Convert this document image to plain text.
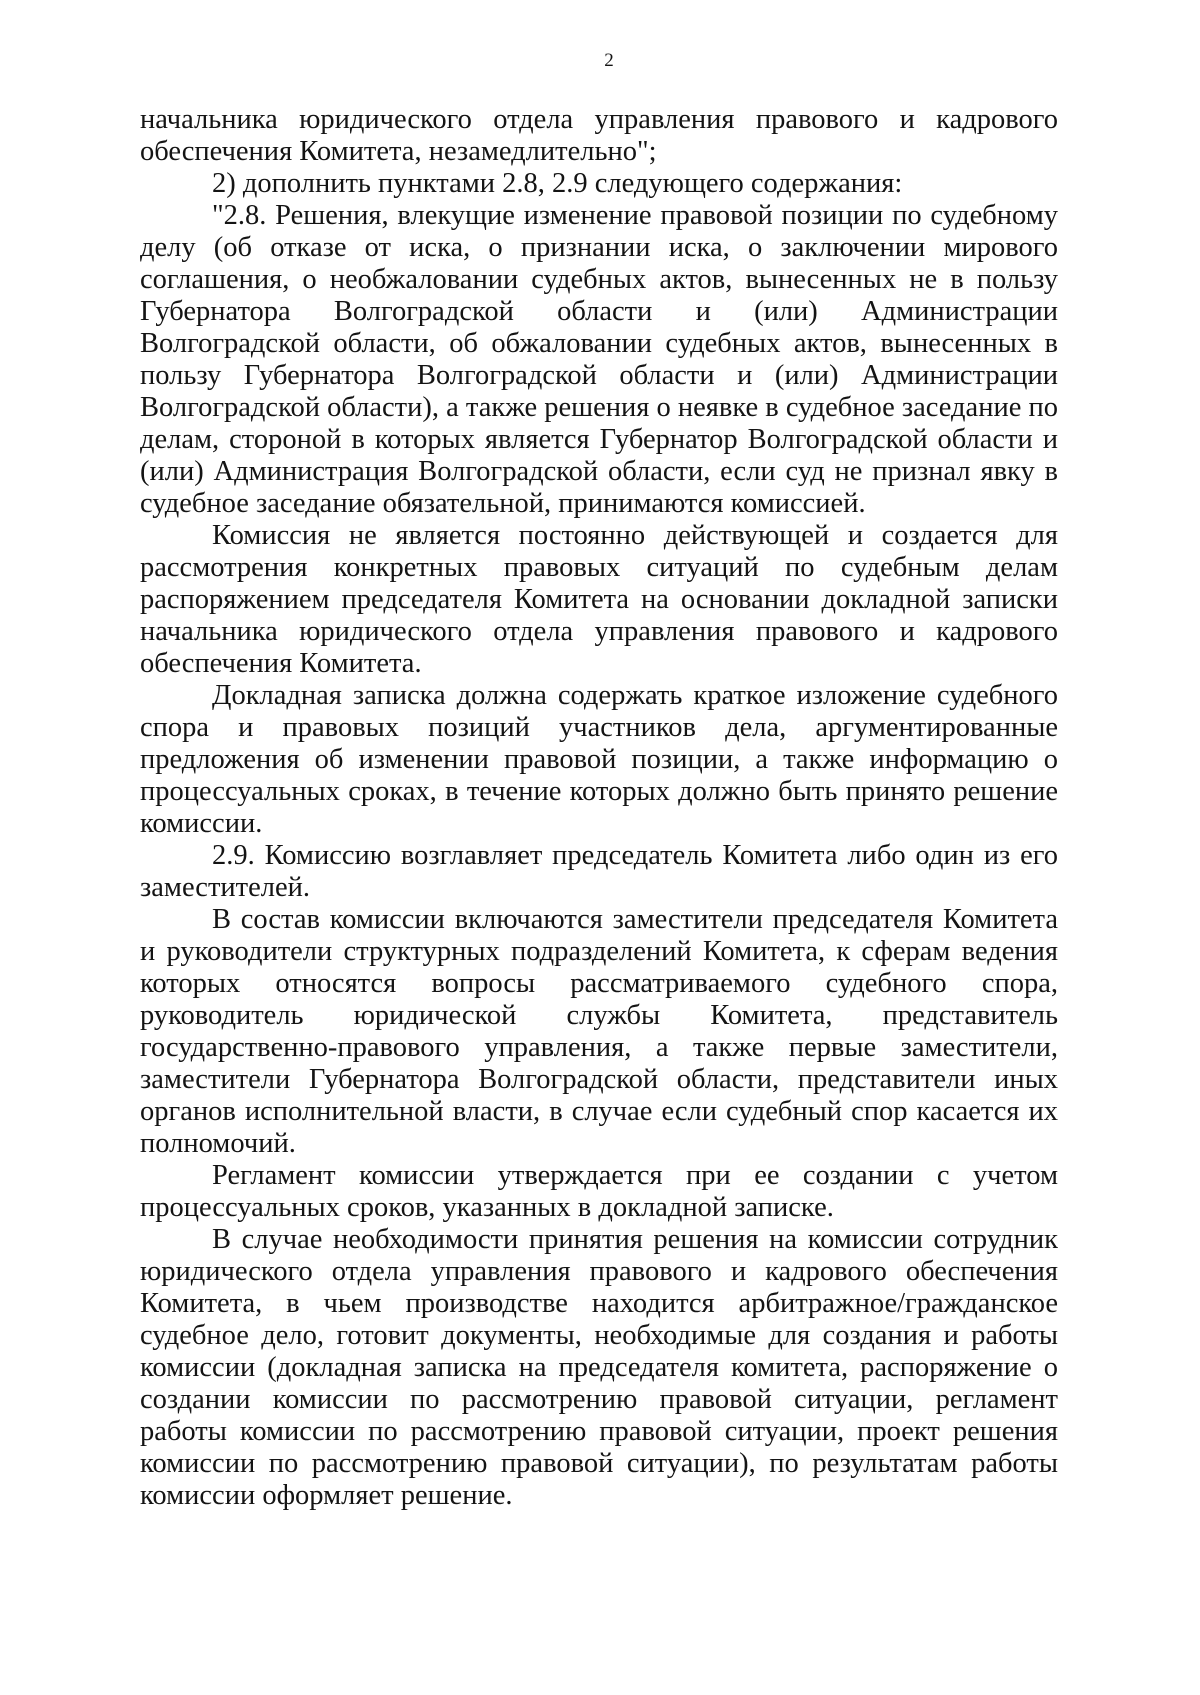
2

начальника юридического отдела управления правового и кадрового обеспечения Комитета, незамедлительно";

2) дополнить пунктами 2.8, 2.9 следующего содержания:

"2.8. Решения, влекущие изменение правовой позиции по судебному делу (об отказе от иска, о признании иска, о заключении мирового соглашения, о необжаловании судебных актов, вынесенных не в пользу Губернатора Волгоградской области и (или) Администрации Волгоградской области, об обжаловании судебных актов, вынесенных в пользу Губернатора Волгоградской области и (или) Администрации Волгоградской области), а также решения о неявке в судебное заседание по делам, стороной в которых является Губернатор Волгоградской области и (или) Администрация Волгоградской области, если суд не признал явку в судебное заседание обязательной, принимаются комиссией.

Комиссия не является постоянно действующей и создается для рассмотрения конкретных правовых ситуаций по судебным делам распоряжением председателя Комитета на основании докладной записки начальника юридического отдела управления правового и кадрового обеспечения Комитета.

Докладная записка должна содержать краткое изложение судебного спора и правовых позиций участников дела, аргументированные предложения об изменении правовой позиции, а также информацию о процессуальных сроках, в течение которых должно быть принято решение комиссии.

2.9. Комиссию возглавляет председатель Комитета либо один из его заместителей.

В состав комиссии включаются заместители председателя Комитета и руководители структурных подразделений Комитета, к сферам ведения которых относятся вопросы рассматриваемого судебного спора, руководитель юридической службы Комитета, представитель государственно-правового управления, а также первые заместители, заместители Губернатора Волгоградской области, представители иных органов исполнительной власти, в случае если судебный спор касается их полномочий.

Регламент комиссии утверждается при ее создании с учетом процессуальных сроков, указанных в докладной записке.

В случае необходимости принятия решения на комиссии сотрудник юридического отдела управления правового и кадрового обеспечения Комитета, в чьем производстве находится арбитражное/гражданское судебное дело, готовит документы, необходимые для создания и работы комиссии (докладная записка на председателя комитета, распоряжение о создании комиссии по рассмотрению правовой ситуации, регламент работы комиссии по рассмотрению правовой ситуации, проект решения комиссии по рассмотрению правовой ситуации), по результатам работы комиссии оформляет решение.
